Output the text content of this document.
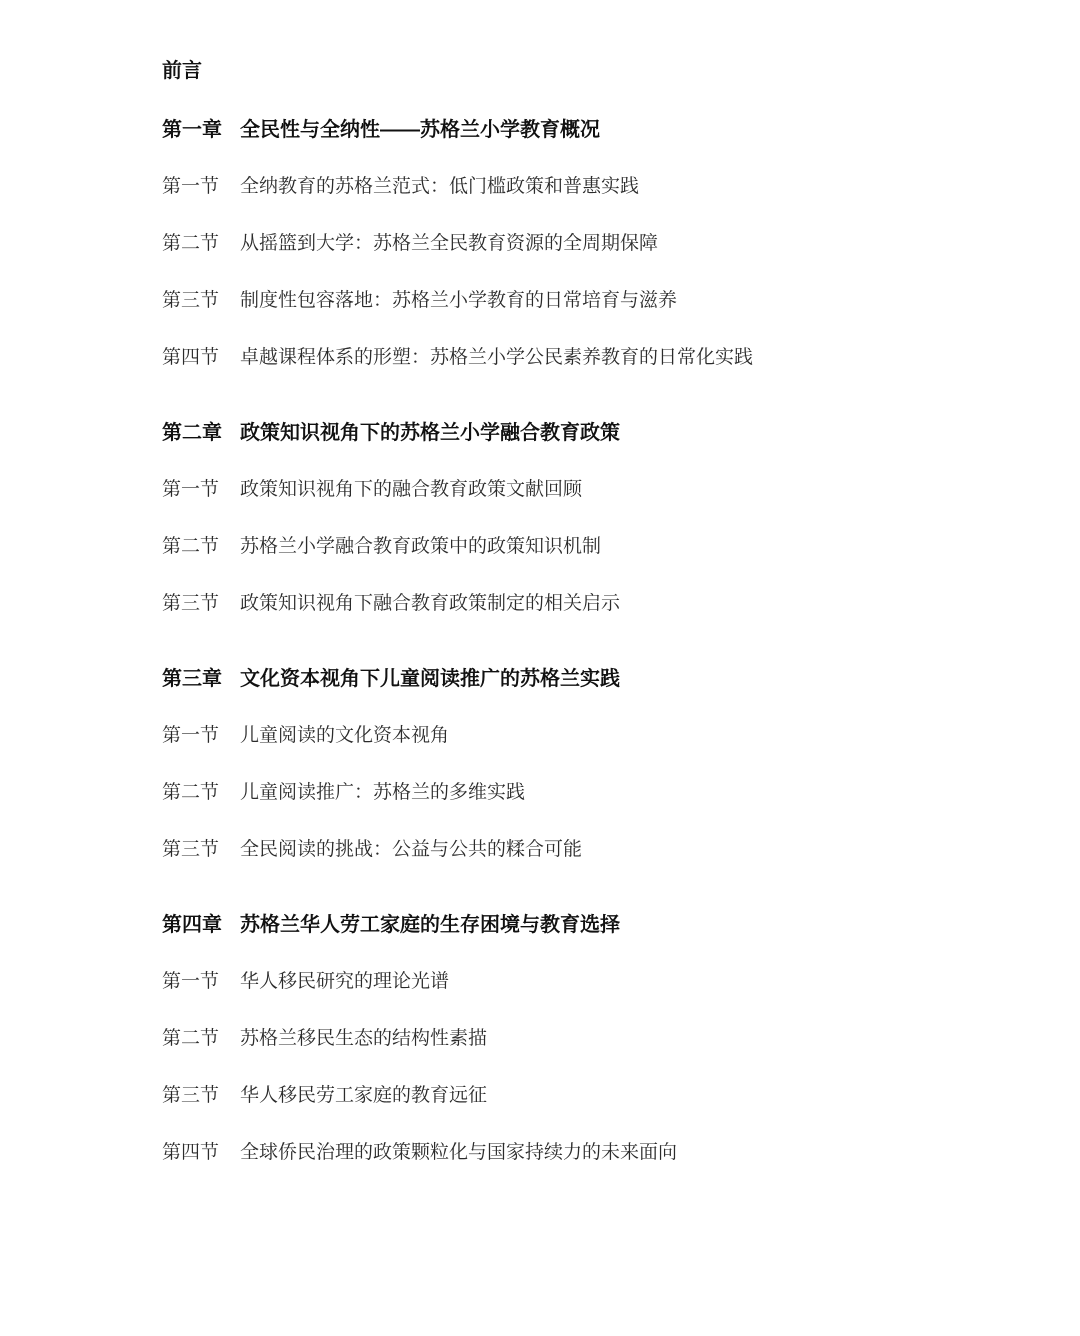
前言
第一章 全民性与全纳性——苏格兰小学教育概况
第一节	全纳教育的苏格兰范式：低门槛政策和普惠实践
第二节	从摇篮到大学：苏格兰全民教育资源的全周期保障
第三节	制度性包容落地：苏格兰小学教育的日常培育与滋养
第四节	卓越课程体系的形塑：苏格兰小学公民素养教育的日常化实践
第二章 政策知识视角下的苏格兰小学融合教育政策
第一节	政策知识视角下的融合教育政策文献回顾
第二节	苏格兰小学融合教育政策中的政策知识机制
第三节	政策知识视角下融合教育政策制定的相关启示
第三章 文化资本视角下儿童阅读推广的苏格兰实践
第一节	儿童阅读的文化资本视角
第二节	儿童阅读推广：苏格兰的多维实践
第三节	全民阅读的挑战：公益与公共的糅合可能
第四章 苏格兰华人劳工家庭的生存困境与教育选择
第一节	华人移民研究的理论光谱
第二节	苏格兰移民生态的结构性素描
第三节	华人移民劳工家庭的教育远征
第四节	全球侨民治理的政策颗粒化与国家持续力的未来面向
